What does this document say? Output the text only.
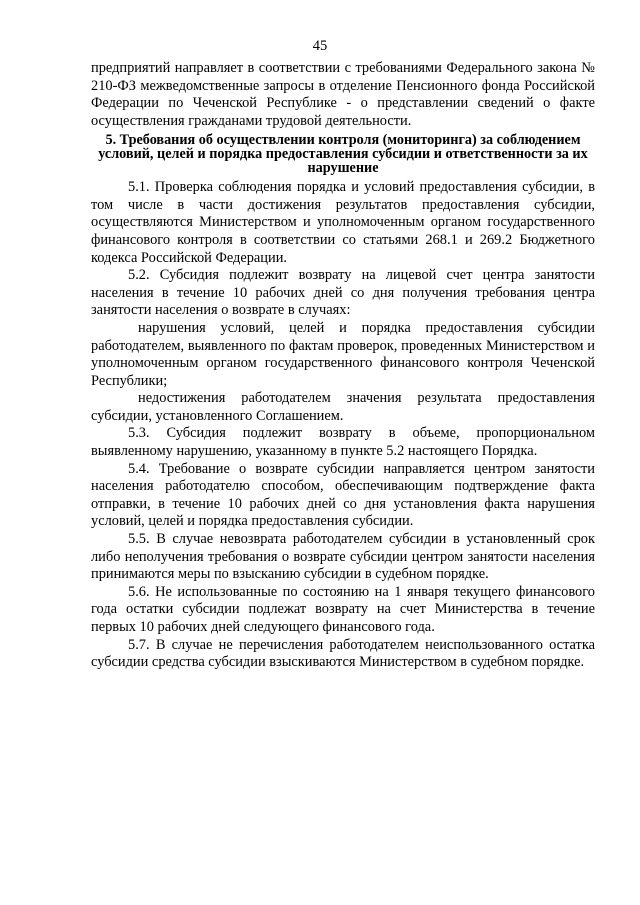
45

предприятий направляет в соответствии с требованиями Федерального закона № 210-ФЗ межведомственные запросы в отделение Пенсионного фонда Российской Федерации по Чеченской Республике - о представлении сведений о факте осуществления гражданами трудовой деятельности.

5. Требования об осуществлении контроля (мониторинга) за соблюдением условий, целей и порядка предоставления субсидии и ответственности за их нарушение

5.1. Проверка соблюдения порядка и условий предоставления субсидии, в том числе в части достижения результатов предоставления субсидии, осуществляются Министерством и уполномоченным органом государственного финансового контроля в соответствии со статьями 268.1 и 269.2 Бюджетного кодекса Российской Федерации.

5.2. Субсидия подлежит возврату на лицевой счет центра занятости населения в течение 10 рабочих дней со дня получения требования центра занятости населения о возврате в случаях:

нарушения условий, целей и порядка предоставления субсидии работодателем, выявленного по фактам проверок, проведенных Министерством и уполномоченным органом государственного финансового контроля Чеченской Республики;

недостижения работодателем значения результата предоставления субсидии, установленного Соглашением.

5.3. Субсидия подлежит возврату в объеме, пропорциональном выявленному нарушению, указанному в пункте 5.2 настоящего Порядка.

5.4. Требование о возврате субсидии направляется центром занятости населения работодателю способом, обеспечивающим подтверждение факта отправки, в течение 10 рабочих дней со дня установления факта нарушения условий, целей и порядка предоставления субсидии.

5.5. В случае невозврата работодателем субсидии в установленный срок либо неполучения требования о возврате субсидии центром занятости населения принимаются меры по взысканию субсидии в судебном порядке.

5.6. Не использованные по состоянию на 1 января текущего финансового года остатки субсидии подлежат возврату на счет Министерства в течение первых 10 рабочих дней следующего финансового года.

5.7. В случае не перечисления работодателем неиспользованного остатка субсидии средства субсидии взыскиваются Министерством в судебном порядке.
